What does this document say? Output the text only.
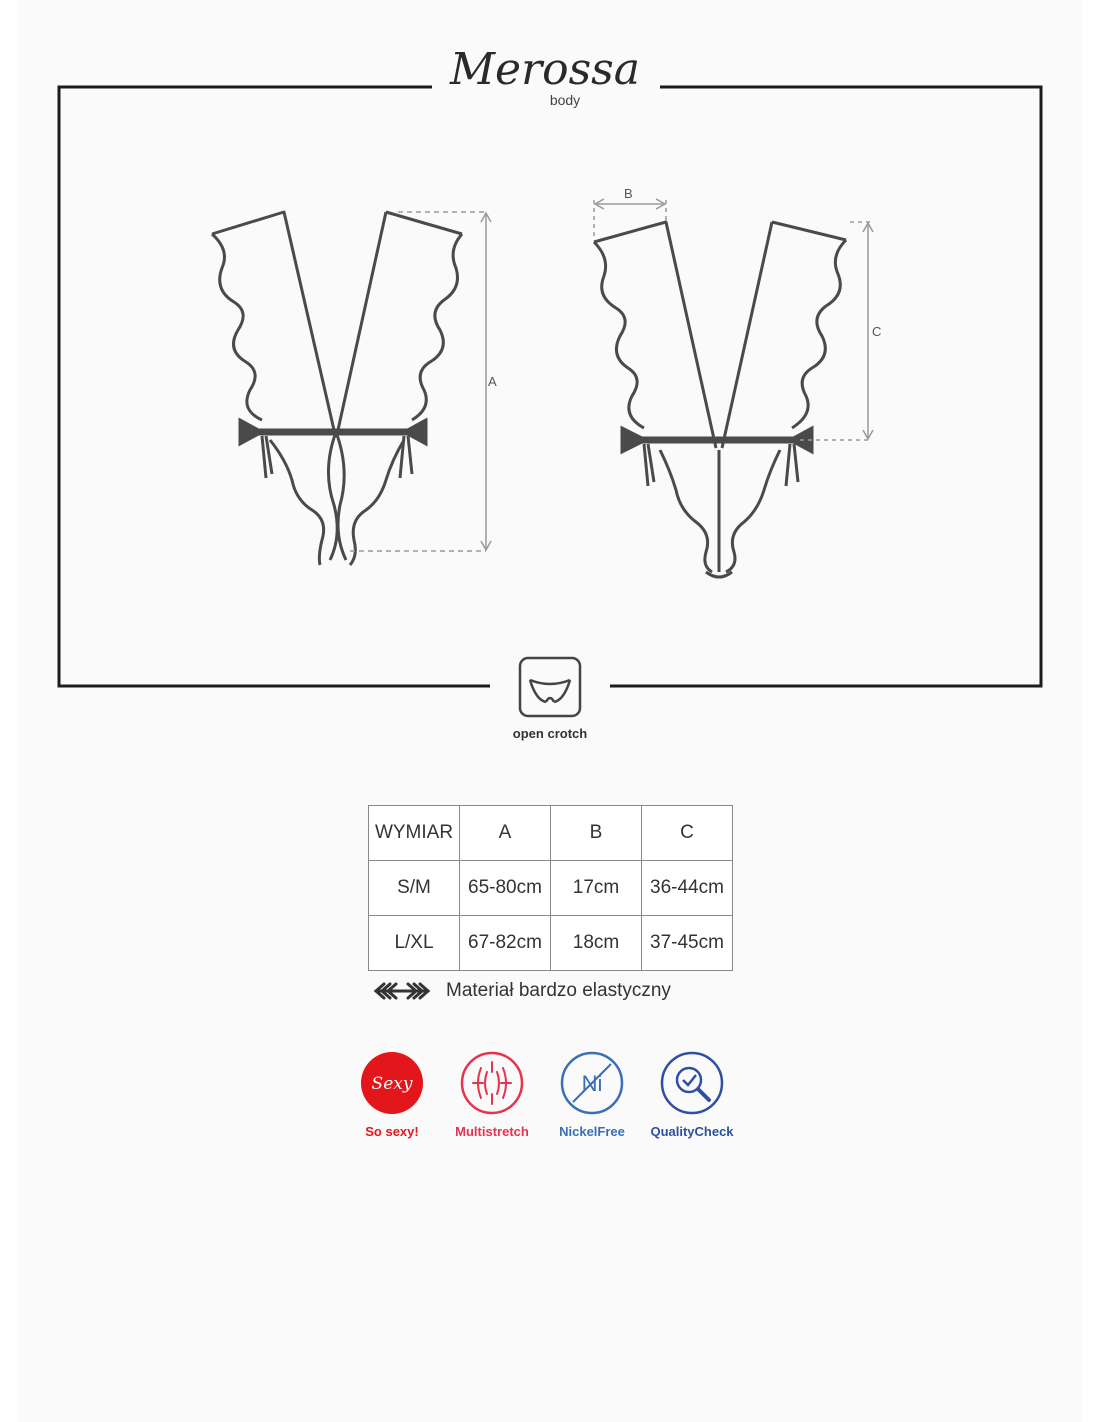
Merossa
body
A
B
C
open crotch
WYMIAR	A	B	C
S/M	65-80cm	17cm	36-44cm
L/XL	67-82cm	18cm	37-45cm
Materiał bardzo elastyczny
Sexy
So sexy!	Multistretch
Ni
NickelFree	QualityCheck
